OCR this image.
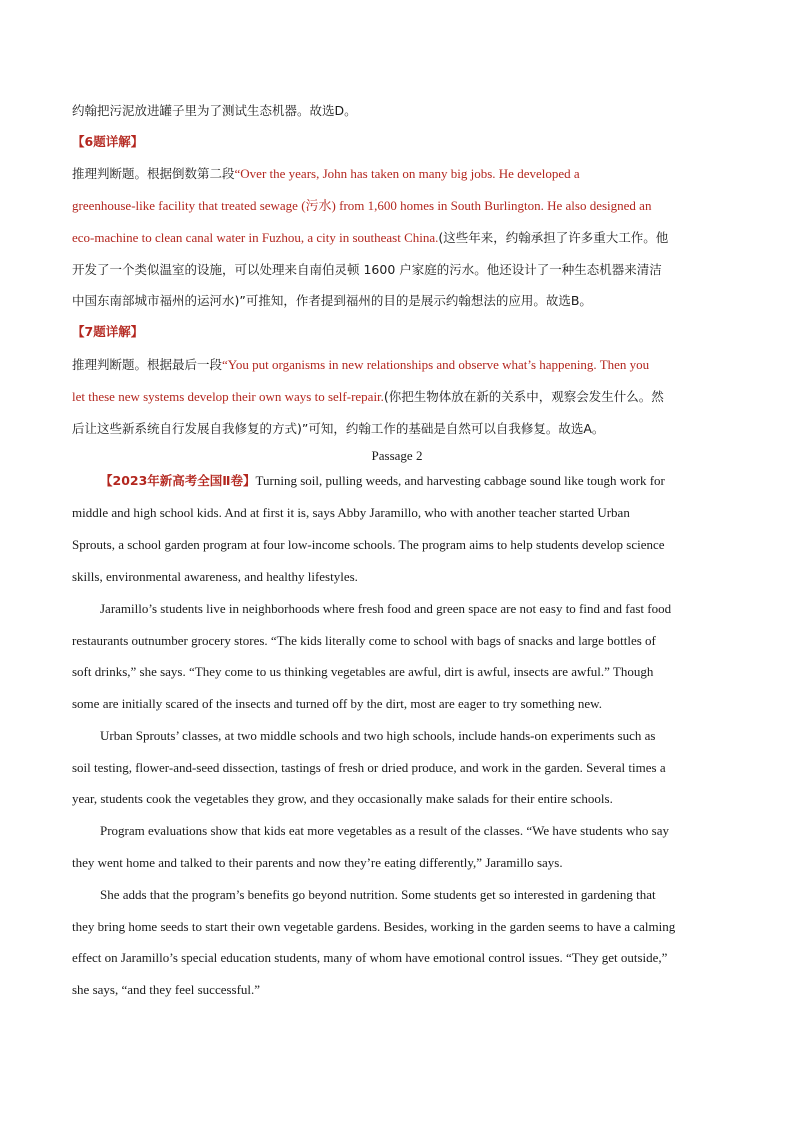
约翰把污泥放进罐子里为了测试生态机器。故选D。
【6题详解】
推理判断题。根据倒数第二段“Over the years, John has taken on many big jobs. He developed a
greenhouse-like facility that treated sewage (污水) from 1,600 homes in South Burlington. He also designed an
eco-machine to clean canal water in Fuzhou, a city in southeast China.(这些年来，约翰承担了许多重大工作。他
开发了一个类似温室的设施，可以处理来自南伯灵顿 1600 户家庭的污水。他还设计了一种生态机器来清洁
中国东南部城市福州的运河水)”可推知，作者提到福州的目的是展示约翰想法的应用。故选B。
【7题详解】
推理判断题。根据最后一段“You put organisms in new relationships and observe what’s happening. Then you
let these new systems develop their own ways to self-repair.(你把生物体放在新的关系中，观察会发生什么。然
后让这些新系统自行发展自我修复的方式)”可知，约翰工作的基础是自然可以自我修复。故选A。
Passage 2
【2023年新高考全国Ⅱ卷】Turning soil, pulling weeds, and harvesting cabbage sound like tough work for
middle and high school kids. And at first it is, says Abby Jaramillo, who with another teacher started Urban
Sprouts, a school garden program at four low-income schools. The program aims to help students develop science
skills, environmental awareness, and healthy lifestyles.
Jaramillo’s students live in neighborhoods where fresh food and green space are not easy to find and fast food
restaurants outnumber grocery stores. “The kids literally come to school with bags of snacks and large bottles of
soft drinks,” she says. “They come to us thinking vegetables are awful, dirt is awful, insects are awful.” Though
some are initially scared of the insects and turned off by the dirt, most are eager to try something new.
Urban Sprouts’ classes, at two middle schools and two high schools, include hands-on experiments such as
soil testing, flower-and-seed dissection, tastings of fresh or dried produce, and work in the garden. Several times a
year, students cook the vegetables they grow, and they occasionally make salads for their entire schools.
Program evaluations show that kids eat more vegetables as a result of the classes. “We have students who say
they went home and talked to their parents and now they’re eating differently,” Jaramillo says.
She adds that the program’s benefits go beyond nutrition. Some students get so interested in gardening that
they bring home seeds to start their own vegetable gardens. Besides, working in the garden seems to have a calming
effect on Jaramillo’s special education students, many of whom have emotional control issues. “They get outside,”
she says, “and they feel successful.”
